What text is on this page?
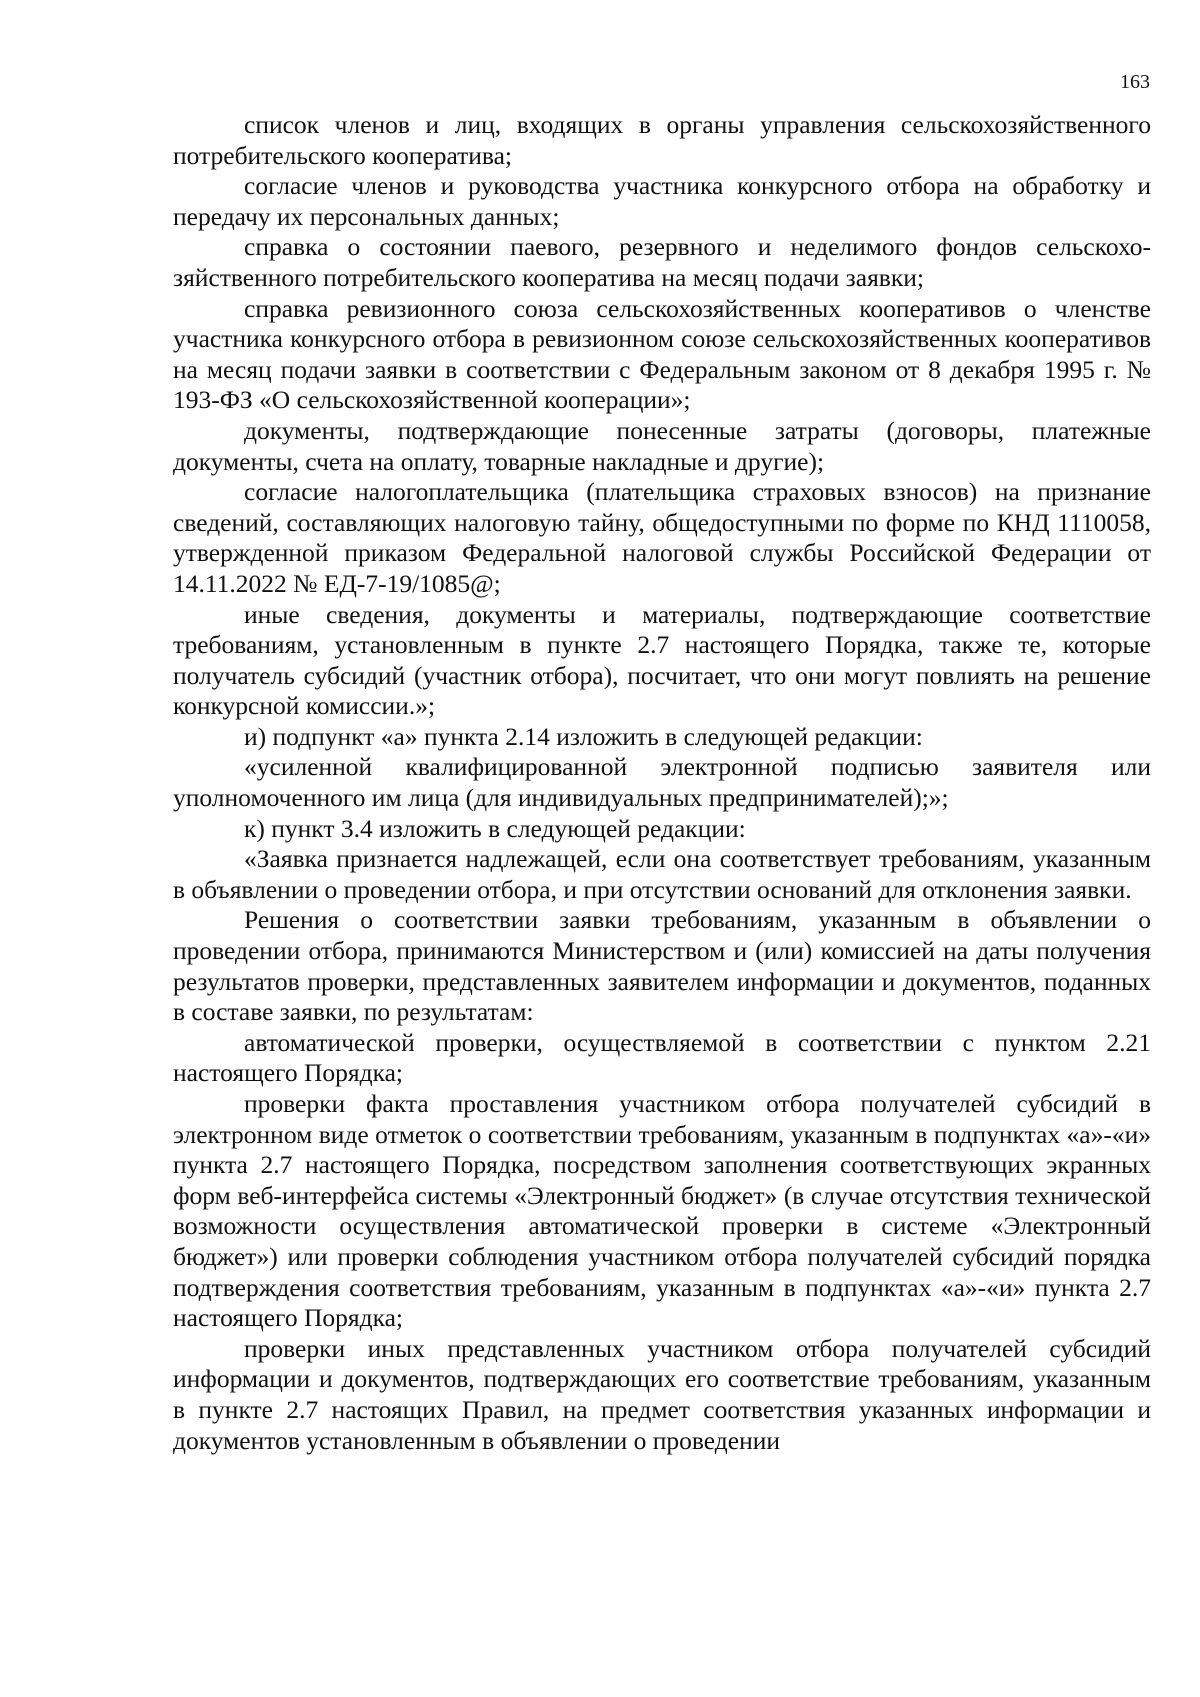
163

список членов и лиц, входящих в органы управления сельскохозяйственного потребительского кооператива;

согласие членов и руководства участника конкурсного отбора на обработку и передачу их персональных данных;

справка о состоянии паевого, резервного и неделимого фондов сельскохозяйственного потребительского кооператива на месяц подачи заявки;

справка ревизионного союза сельскохозяйственных кооперативов о членстве участника конкурсного отбора в ревизионном союзе сельскохозяйственных кооперативов на месяц подачи заявки в соответствии с Федеральным законом от 8 декабря 1995 г. № 193-ФЗ «О сельскохозяйственной кооперации»;

документы, подтверждающие понесенные затраты (договоры, платежные документы, счета на оплату, товарные накладные и другие);

согласие налогоплательщика (плательщика страховых взносов) на признание сведений, составляющих налоговую тайну, общедоступными по форме по КНД 1110058, утвержденной приказом Федеральной налоговой службы Российской Федерации от 14.11.2022 № ЕД-7-19/1085@;

иные сведения, документы и материалы, подтверждающие соответствие требованиям, установленным в пункте 2.7 настоящего Порядка, также те, которые получатель субсидий (участник отбора), посчитает, что они могут повлиять на решение конкурсной комиссии.»;

и) подпункт «а» пункта 2.14 изложить в следующей редакции:

«усиленной квалифицированной электронной подписью заявителя или уполномоченного им лица (для индивидуальных предпринимателей);»;

к) пункт 3.4 изложить в следующей редакции:

«Заявка признается надлежащей, если она соответствует требованиям, указанным в объявлении о проведении отбора, и при отсутствии оснований для отклонения заявки.

Решения о соответствии заявки требованиям, указанным в объявлении о проведении отбора, принимаются Министерством и (или) комиссией на даты получения результатов проверки, представленных заявителем информации и документов, поданных в составе заявки, по результатам:

автоматической проверки, осуществляемой в соответствии с пунктом 2.21 настоящего Порядка;

проверки факта проставления участником отбора получателей субсидий в электронном виде отметок о соответствии требованиям, указанным в подпунктах «а»-«и» пункта 2.7 настоящего Порядка, посредством заполнения соответствующих экранных форм веб-интерфейса системы «Электронный бюджет» (в случае отсутствия технической возможности осуществления автоматической проверки в системе «Электронный бюджет») или проверки соблюдения участником отбора получателей субсидий порядка подтверждения соответствия требованиям, указанным в подпунктах «а»-«и» пункта 2.7 настоящего Порядка;

проверки иных представленных участником отбора получателей субсидий информации и документов, подтверждающих его соответствие требованиям, указанным в пункте 2.7 настоящих Правил, на предмет соответствия указанных информации и документов установленным в объявлении о проведении
